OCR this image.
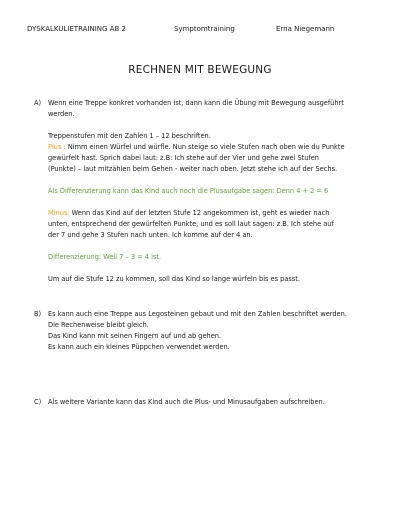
DYSKALKULIETRAINING AB 2	Symptomtraining	Erna Niegemann
RECHNEN MIT BEWEGUNG
A) Wenn eine Treppe konkret vorhanden ist, dann kann die Übung mit Bewegung ausgeführt
werden.
Treppenstufen mit den Zahlen 1 – 12 beschriften.
Plus : Nimm einen Würfel und würfle. Nun steige so viele Stufen nach oben wie du Punkte
gewürfelt hast. Sprich dabei laut: z.B: Ich stehe auf der Vier und gehe zwei Stufen
(Punkte) – laut mitzählen beim Gehen - weiter nach oben. Jetzt stehe ich auf der Sechs.
Als Differenzierung kann das Kind auch noch die Plusaufgabe sagen: Denn 4 + 2 = 6
Minus: Wenn das Kind auf der letzten Stufe 12 angekommen ist, geht es wieder nach
unten, entsprechend der gewürfelten Punkte, und es soll laut sagen: z.B. Ich stehe auf
der 7 und gehe 3 Stufen nach unten. Ich komme auf der 4 an.
Differenzierung: Weil 7 – 3 = 4 ist.
Um auf die Stufe 12 zu kommen, soll das Kind so lange würfeln bis es passt.
B) Es kann auch eine Treppe aus Legosteinen gebaut und mit den Zahlen beschriftet werden.
Die Rechenweise bleibt gleich.
Das Kind kann mit seinen Fingern auf und ab gehen.
Es kann auch ein kleines Püppchen verwendet werden.
C) Als weitere Variante kann das Kind auch die Plus- und Minusaufgaben aufschreiben.
